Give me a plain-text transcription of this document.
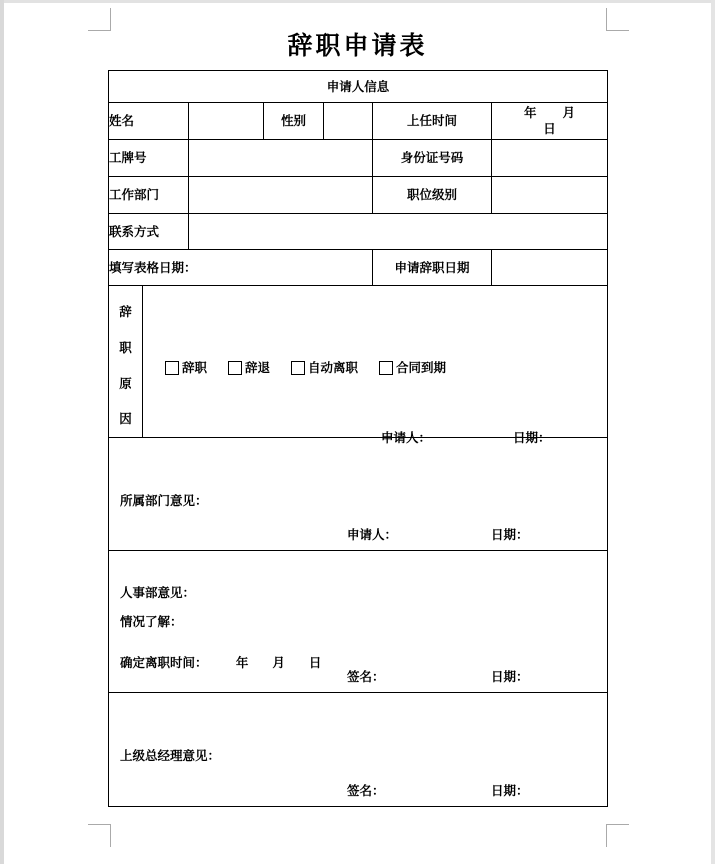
辞职申请表
申请人信息						
姓名			性别		上任时间	年 月日
工牌号					身份证号码	
工作部门					职位级别	
联系方式						
填写表格日期：					申请辞职日期	

辞
职
原
因

辞职	辞退	自动离职	合同到期
申请人：	日期：

所属部门意见：
申请人： 日期：						

人事部意见：
情况了解：
确定离职时间： 年 月 日
签名： 日期：						

上级总经理意见：
签名： 日期：						
